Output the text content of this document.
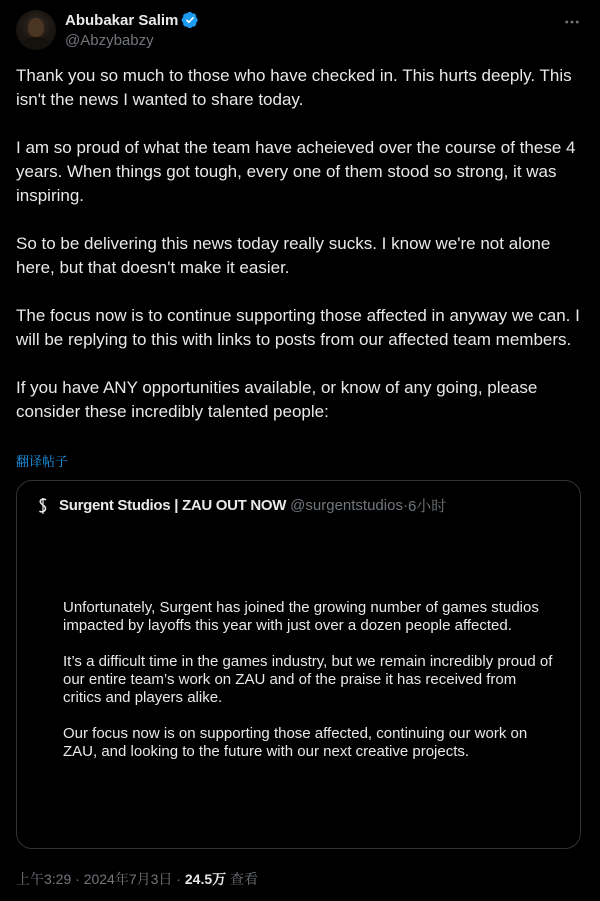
Abubakar Salim
@Abzybabzy

Thank you so much to those who have checked in. This hurts deeply. This isn't the news I wanted to share today.

I am so proud of what the team have acheieved over the course of these 4 years. When things got tough, every one of them stood so strong, it was inspiring.

So to be delivering this news today really sucks. I know we're not alone here, but that doesn't make it easier.

The focus now is to continue supporting those affected in anyway we can. I will be replying to this with links to posts from our affected team members.

If you have ANY opportunities available, or know of any going, please consider these incredibly talented people:

翻译帖子
Surgent Studios | ZAU OUT NOW @surgentstudios · 6小时

Unfortunately, Surgent has joined the growing number of games studios impacted by layoffs this year with just over a dozen people affected.

It’s a difficult time in the games industry, but we remain incredibly proud of our entire team’s work on ZAU and of the praise it has received from critics and players alike.

Our focus now is on supporting those affected, continuing our work on ZAU, and looking to the future with our next creative projects.

上午3:29 · 2024年7月3日 · 24.5万 查看
